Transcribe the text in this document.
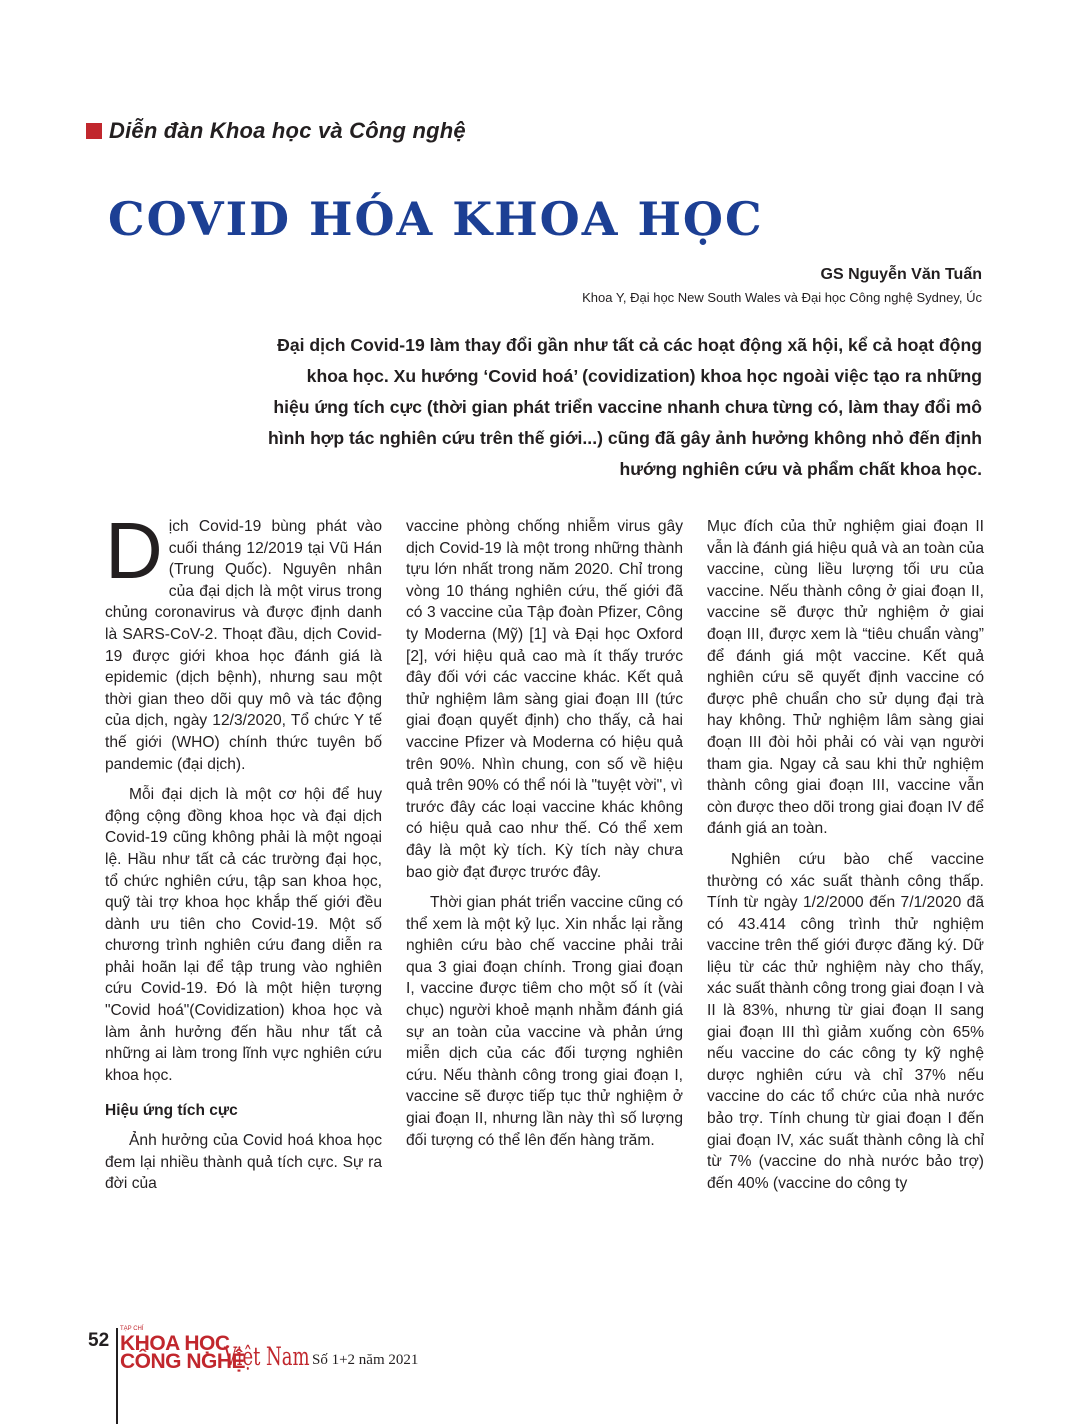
Diễn đàn Khoa học và Công nghệ
COVID HÓA KHOA HỌC
GS Nguyễn Văn Tuấn
Khoa Y, Đại học New South Wales và Đại học Công nghệ Sydney, Úc

Đại dịch Covid-19 làm thay đổi gần như tất cả các hoạt động xã hội, kể cả hoạt động khoa học. Xu hướng ‘Covid hoá’ (covidization) khoa học ngoài việc tạo ra những hiệu ứng tích cực (thời gian phát triển vaccine nhanh chưa từng có, làm thay đổi mô hình hợp tác nghiên cứu trên thế giới...) cũng đã gây ảnh hưởng không nhỏ đến định hướng nghiên cứu và phẩm chất khoa học.

Dịch Covid-19 bùng phát vào cuối tháng 12/2019 tại Vũ Hán (Trung Quốc). Nguyên nhân của đại dịch là một virus trong chủng coronavirus và được định danh là SARS-CoV-2. Thoạt đầu, dịch Covid-19 được giới khoa học đánh giá là epidemic (dịch bệnh), nhưng sau một thời gian theo dõi quy mô và tác động của dịch, ngày 12/3/2020, Tổ chức Y tế thế giới (WHO) chính thức tuyên bố pandemic (đại dịch).

Mỗi đại dịch là một cơ hội để huy động cộng đồng khoa học và đại dịch Covid-19 cũng không phải là một ngoại lệ. Hầu như tất cả các trường đại học, tổ chức nghiên cứu, tập san khoa học, quỹ tài trợ khoa học khắp thế giới đều dành ưu tiên cho Covid-19. Một số chương trình nghiên cứu đang diễn ra phải hoãn lại để tập trung vào nghiên cứu Covid-19. Đó là một hiện tượng "Covid hoá"(Covidization) khoa học và làm ảnh hưởng đến hầu như tất cả những ai làm trong lĩnh vực nghiên cứu khoa học.

Hiệu ứng tích cực

Ảnh hưởng của Covid hoá khoa học đem lại nhiều thành quả tích cực. Sự ra đời của

vaccine phòng chống nhiễm virus gây dịch Covid-19 là một trong những thành tựu lớn nhất trong năm 2020. Chỉ trong vòng 10 tháng nghiên cứu, thế giới đã có 3 vaccine của Tập đoàn Pfizer, Công ty Moderna (Mỹ) [1] và Đại học Oxford [2], với hiệu quả cao mà ít thấy trước đây đối với các vaccine khác. Kết quả thử nghiệm lâm sàng giai đoạn III (tức giai đoạn quyết định) cho thấy, cả hai vaccine Pfizer và Moderna có hiệu quả trên 90%. Nhìn chung, con số về hiệu quả trên 90% có thể nói là "tuyệt vời", vì trước đây các loại vaccine khác không có hiệu quả cao như thế. Có thể xem đây là một kỳ tích. Kỳ tích này chưa bao giờ đạt được trước đây.

Thời gian phát triển vaccine cũng có thể xem là một kỷ lục. Xin nhắc lại rằng nghiên cứu bào chế vaccine phải trải qua 3 giai đoạn chính. Trong giai đoạn I, vaccine được tiêm cho một số ít (vài chục) người khoẻ mạnh nhằm đánh giá sự an toàn của vaccine và phản ứng miễn dịch của các đối tượng nghiên cứu. Nếu thành công trong giai đoạn I, vaccine sẽ được tiếp tục thử nghiệm ở giai đoạn II, nhưng lần này thì số lượng đối tượng có thể lên đến hàng trăm.

Mục đích của thử nghiệm giai đoạn II vẫn là đánh giá hiệu quả và an toàn của vaccine, cùng liều lượng tối ưu của vaccine. Nếu thành công ở giai đoạn II, vaccine sẽ được thử nghiệm ở giai đoạn III, được xem là “tiêu chuẩn vàng” để đánh giá một vaccine. Kết quả nghiên cứu sẽ quyết định vaccine có được phê chuẩn cho sử dụng đại trà hay không. Thử nghiệm lâm sàng giai đoạn III đòi hỏi phải có vài vạn người tham gia. Ngay cả sau khi thử nghiệm thành công giai đoạn III, vaccine vẫn còn được theo dõi trong giai đoạn IV để đánh giá an toàn.

Nghiên cứu bào chế vaccine thường có xác suất thành công thấp. Tính từ ngày 1/2/2000 đến 7/1/2020 đã có 43.414 công trình thử nghiệm vaccine trên thế giới được đăng ký. Dữ liệu từ các thử nghiệm này cho thấy, xác suất thành công trong giai đoạn I và II là 83%, nhưng từ giai đoạn II sang giai đoạn III thì giảm xuống còn 65% nếu vaccine do các công ty kỹ nghệ dược nghiên cứu và chỉ 37% nếu vaccine do các tổ chức của nhà nước bảo trợ. Tính chung từ giai đoạn I đến giai đoạn IV, xác suất thành công là chỉ từ 7% (vaccine do nhà nước bảo trợ) đến 40% (vaccine do công ty

52
TẠP CHÍ
KHOA HỌC
CÔNG NGHỆ
Việt Nam Số 1+2 năm 2021
